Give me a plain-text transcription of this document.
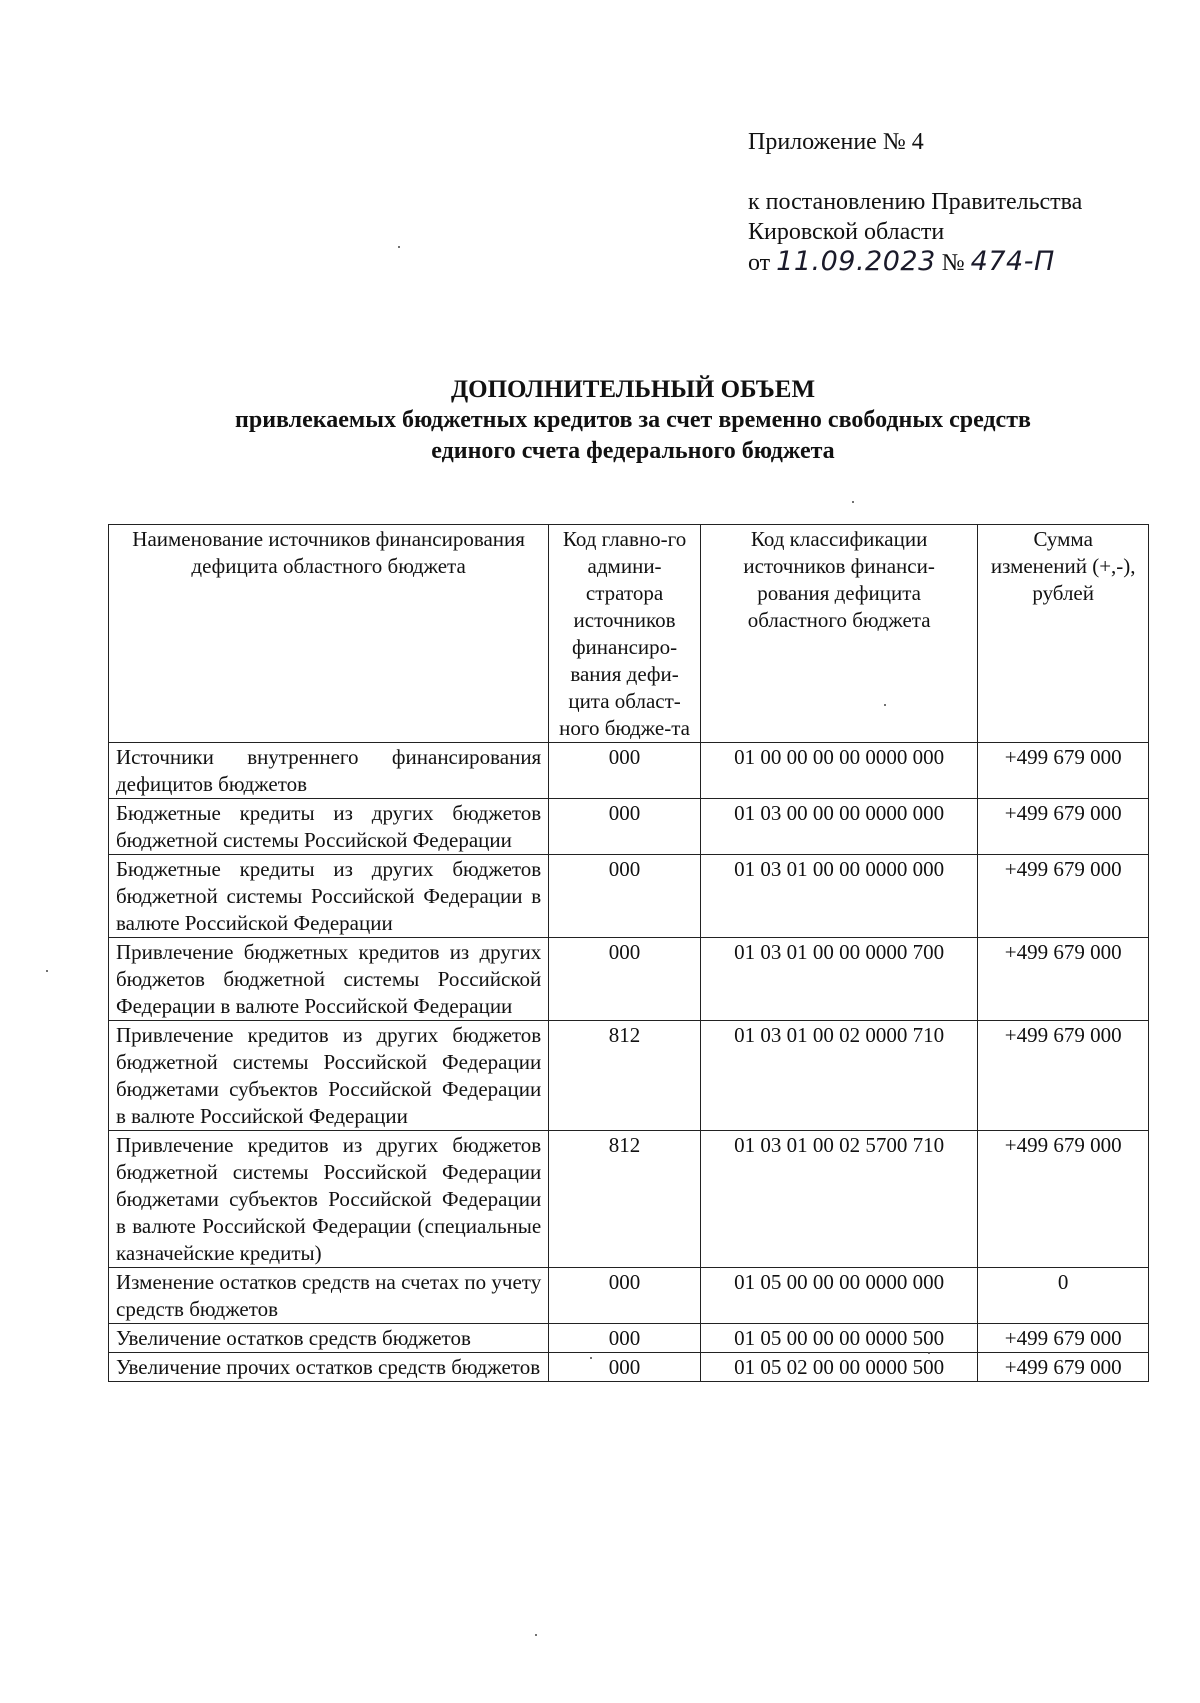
Приложение № 4
к постановлению Правительства
Кировской области
от 11.09.2023 № 474-П
ДОПОЛНИТЕЛЬНЫЙ ОБЪЕМ
привлекаемых бюджетных кредитов за счет временно свободных средств
единого счета федерального бюджета
Наименование источников финансирования дефицита областного бюджета	Код главно-го админи-стратора источников финансиро-вания дефи-цита област-ного бюдже-та	Код классификации источников финанси-рования дефицита областного бюджета	Сумма изменений (+,-), рублей
Источники внутреннего финансирования дефицитов бюджетов	000	01 00 00 00 00 0000 000	+499 679 000
Бюджетные кредиты из других бюджетов бюджетной системы Российской Федерации	000	01 03 00 00 00 0000 000	+499 679 000
Бюджетные кредиты из других бюджетов бюджетной системы Российской Федерации в валюте Российской Федерации	000	01 03 01 00 00 0000 000	+499 679 000
Привлечение бюджетных кредитов из других бюджетов бюджетной системы Российской Федерации в валюте Российской Федерации	000	01 03 01 00 00 0000 700	+499 679 000
Привлечение кредитов из других бюджетов бюджетной системы Российской Федерации бюджетами субъектов Российской Федерации в валюте Российской Федерации	812	01 03 01 00 02 0000 710	+499 679 000
Привлечение кредитов из других бюджетов бюджетной системы Российской Федерации бюджетами субъектов Российской Федерации в валюте Российской Федерации (специальные казначейские кредиты)	812	01 03 01 00 02 5700 710	+499 679 000
Изменение остатков средств на счетах по учету средств бюджетов	000	01 05 00 00 00 0000 000	0
Увеличение остатков средств бюджетов	000	01 05 00 00 00 0000 500	+499 679 000
Увеличение прочих остатков средств бюджетов	000	01 05 02 00 00 0000 500	+499 679 000
